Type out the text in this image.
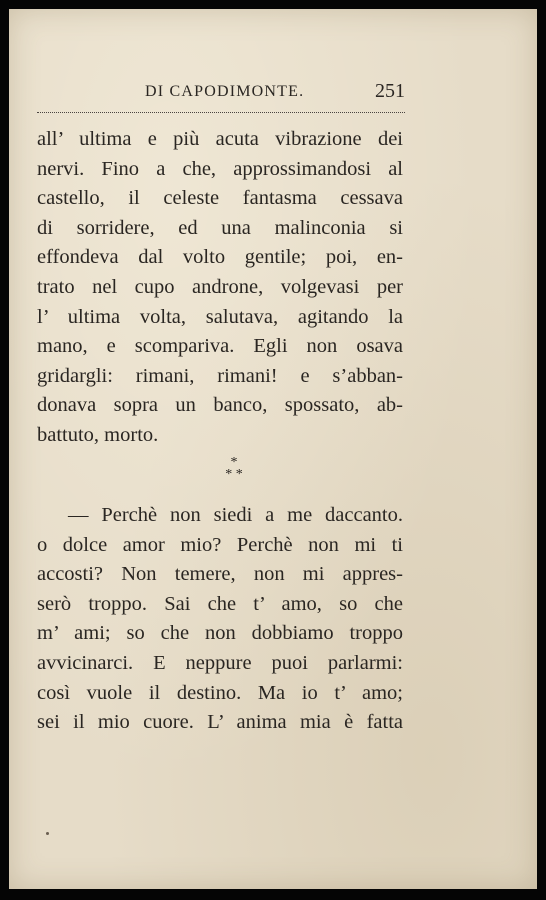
DI CAPODIMONTE.	251
all’ ultima e più acuta vibrazione dei
nervi. Fino a che, approssimandosi al
castello, il celeste fantasma cessava
di sorridere, ed una malinconia si
effondeva dal volto gentile; poi, en-
trato nel cupo androne, volgevasi per
l’ ultima volta, salutava, agitando la
mano, e scompariva. Egli non osava
gridargli: rimani, rimani! e s’abban-
donava sopra un banco, spossato, ab-
battuto, morto.
*
* *
— Perchè non siedi a me daccanto.
o dolce amor mio? Perchè non mi ti
accosti? Non temere, non mi appres-
serò troppo. Sai che t’ amo, so che
m’ ami; so che non dobbiamo troppo
avvicinarci. E neppure puoi parlarmi:
così vuole il destino. Ma io t’ amo;
sei il mio cuore. L’ anima mia è fatta
